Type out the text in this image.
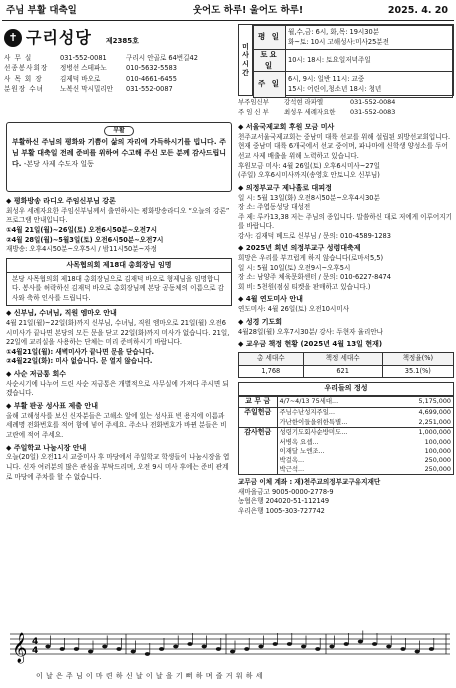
주님 부활 대축일	웃어도 하루! 울어도 하루!	2025. 4. 20
✝ 구리성당 제2385호
사 무 실	031-552-0081	구리시 안골로 64번길42
선종봉사회장	정병선 스테파노	010-5632-5583
사 목 회 장	김제덕 바오로	010-4661-6455
분원장 수녀	노복신 막시밀리안	031-552-0087
미
사
시
간
평 일	월,수,금: 6시, 화,목: 19시30분
화~토: 10시 고해성사:미사25분전

토요일	10시: 18시: 토요일저녁주일
주 일	6시, 9시: 일반 11시: 교중
15시: 어린이,청소년 18시: 청년
부주임신부	강석현 라파엘	031-552-0084
주 임 신 부	최성우 세례자요한	031-552-0083
부활

부활하신 주님의 평화와 기쁨이 삶의 자리에 가득하시기를 빕니다. 주님 부활 대축일 전례 준비를 위하여 수고해 주신 모든 분께 감사드립니다. -본당 사제 수도자 일동

◆ 평화방송 라디오 주임신부님 강론
최성우 세례자요한 주임신부님께서 출연하시는 평화방송라디오 “오늘의 강론” 프로그램 안내입니다.
①4월 21일(월)~26일(토) 오전6시50분~오전7시
②4월 28일(월)~5월3일(토) 오전6시50분~오전7시
재방송: 오후4시50분~오후5시 / 밤11시50분~자정
사목협의회 제18대 총회장님 임명
본당 사목협의회 제18대 총회장님으로 김재덕 바오로 형제님을 임명합니다. 봉사를 허락하신 김재덕 바오로 총회장님께 본당 공동체의 이름으로 감사와 축하 인사를 드립니다.
◆ 신부님, 수녀님, 직원 엠마오 안내
4월 21일(월)~22일(화)까지 신부님, 수녀님, 직원 엠마오로 21일(월) 오전6시미사가 끝나면 본당의 모든 문을 닫고 22일(화)까지 미사가 없습니다. 21일, 22일에 교리실을 사용하는 단체는 미리 준비하시기 바랍니다.
①4월21일(월): 새벽미사가 끝나면 문을 닫습니다.
②4월22일(화): 미사 없습니다. 문 열지 않습니다.
◆ 사순 저금통 회수
사순시기에 나누어 드린 사순 저금통은 개별적으로 사무실에 가져다 주시면 되겠습니다.
◆ 부활 판공 성사표 제출 안내
올해 고해성사를 보신 신자분들은 고해소 앞에 있는 성사표 빈 용지에 이름과 세례명 전화번호를 적어 함에 넣어 주세요. 주소나 전화번호가 바뀐 분들은 비고란에 적어 주세요.
◆ 주일학교 나눔시장 안내
오늘(20일) 오전11시 교중미사 후 마당에서 주일학교 학생들이 나눔시장을 엽니다. 신자 여러분의 많은 관심을 부탁드리며, 오전 9시 미사 후에는 준비 관계로 마당에 주차를 할 수 없습니다.
◆ 서울국제교회 후원 모금 미사
천주교서울국제교회는 중남미 대륙 선교를 위해 설립된 외방선교회입니다. 현재 중남미 대륙 6개국에서 선교 중이며, 파나마에 신학생 양성소를 두어 선교 사제 배출을 위해 노력하고 있습니다.
후원모금 미사: 4월 26일(토) 오후6시미사~27일
(주일) 오후6시미사까지(송영호 안토니오 신부님)
◆ 의정부교구 제나흘로 대피정
일 시: 5월 13일(화) 오전8시50분~오후4시30분
장 소: 주엽동성당 대성전
주 제: 루카13,38 저는 주님의 종입니다. 말씀하신 대로 저에게 이루어지기를 바랍니다.
강사: 김재덕 베드로 신부님 / 문의: 010-4589-1283
◆ 2025년 희년 의정부교구 성령대축제
희망은 우리를 부끄럽게 하지 않습니다(로마서5,5)
일 시: 5월 10일(토) 오전9시~오후5시
장 소: 남양주 체육문화센터 / 문의: 010-6227-8474
회 비: 5천원(점심 티켓을 판매하고 있습니다.)
◆ 4월 연도미사 안내
연도미사: 4월 26일(토) 오전10시미사
◆ 성경 기도회
4월28일(월) 오후7시30분/ 강사: 두현자 율리안나
◆ 교우금 책정 현황 (2025년 4월 13일 현재)
총 세대수	책정 세대수	책정율(%)
1,768	621	35.1(%)
우리들의 정성
교 무 금	4/7~4/13 75세대...	5,175,000
주일헌금	주님수난성지주일...	4,699,000
	가난한이들을위한특별...	2,251,000
감사헌금	성령기도회사순방미도...	1,000,000
	서병옥 요셉...	100,000
	이재달 노엔조...	100,000
	박걸옥...	250,000
	박근석...	250,000
교무금 이체 계좌 : 재)천주교의정부교구유지재단
새마을금고 9005-0000-2778-9
농협은행 204020-51-112149
우리은행 1005-303-727742
𝄞 4
4
이 날 은 주 님 이 마 련 하 신 날 이 날 을 기 뻐 하 며 즐 거 워 하 세
